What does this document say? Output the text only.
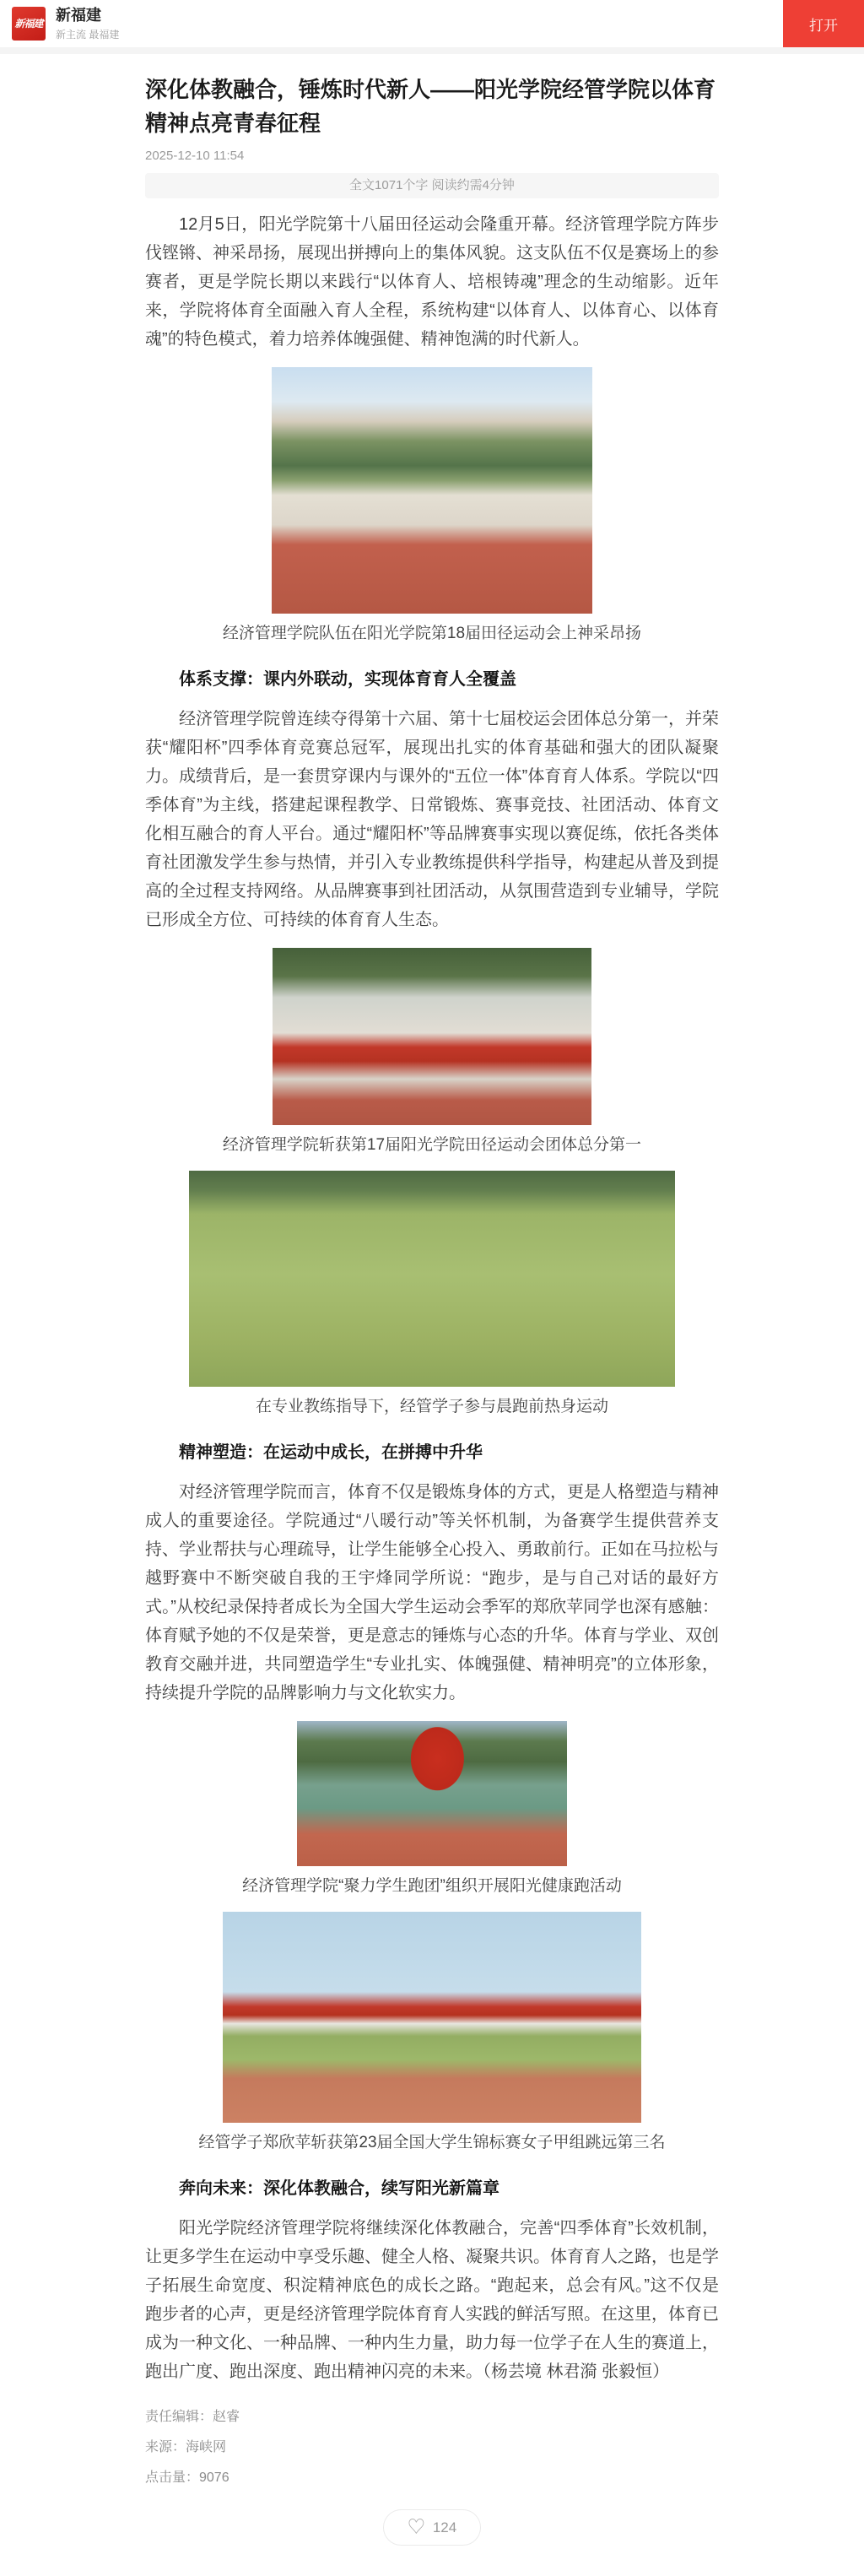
新福建 新福建
新主流 最福建
打开
深化体教融合，锤炼时代新人——阳光学院经管学院以体育精神点亮青春征程
2025-12-10 11:54
全文1071个字 阅读约需4分钟

12月5日，阳光学院第十八届田径运动会隆重开幕。经济管理学院方阵步伐铿锵、神采昂扬，展现出拼搏向上的集体风貌。这支队伍不仅是赛场上的参赛者，更是学院长期以来践行“以体育人、培根铸魂”理念的生动缩影。近年来，学院将体育全面融入育人全程，系统构建“以体育人、以体育心、以体育魂”的特色模式，着力培养体魄强健、精神饱满的时代新人。

经济管理学院队伍在阳光学院第18届田径运动会上神采昂扬
体系支撑：课内外联动，实现体育育人全覆盖

经济管理学院曾连续夺得第十六届、第十七届校运会团体总分第一，并荣获“耀阳杯”四季体育竞赛总冠军，展现出扎实的体育基础和强大的团队凝聚力。成绩背后，是一套贯穿课内与课外的“五位一体”体育育人体系。学院以“四季体育”为主线，搭建起课程教学、日常锻炼、赛事竞技、社团活动、体育文化相互融合的育人平台。通过“耀阳杯”等品牌赛事实现以赛促练，依托各类体育社团激发学生参与热情，并引入专业教练提供科学指导，构建起从普及到提高的全过程支持网络。从品牌赛事到社团活动，从氛围营造到专业辅导，学院已形成全方位、可持续的体育育人生态。

经济管理学院斩获第17届阳光学院田径运动会团体总分第一
在专业教练指导下，经管学子参与晨跑前热身运动
精神塑造：在运动中成长，在拼搏中升华

对经济管理学院而言，体育不仅是锻炼身体的方式，更是人格塑造与精神成人的重要途径。学院通过“八暖行动”等关怀机制，为备赛学生提供营养支持、学业帮扶与心理疏导，让学生能够全心投入、勇敢前行。正如在马拉松与越野赛中不断突破自我的王宇烽同学所说：“跑步，是与自己对话的最好方式。”从校纪录保持者成长为全国大学生运动会季军的郑欣苹同学也深有感触：体育赋予她的不仅是荣誉，更是意志的锤炼与心态的升华。体育与学业、双创教育交融并进，共同塑造学生“专业扎实、体魄强健、精神明亮”的立体形象，持续提升学院的品牌影响力与文化软实力。

经济管理学院“聚力学生跑团”组织开展阳光健康跑活动
经管学子郑欣苹斩获第23届全国大学生锦标赛女子甲组跳远第三名
奔向未来：深化体教融合，续写阳光新篇章

阳光学院经济管理学院将继续深化体教融合，完善“四季体育”长效机制，让更多学生在运动中享受乐趣、健全人格、凝聚共识。体育育人之路，也是学子拓展生命宽度、积淀精神底色的成长之路。“跑起来，总会有风。”这不仅是跑步者的心声，更是经济管理学院体育育人实践的鲜活写照。在这里，体育已成为一种文化、一种品牌、一种内生力量，助力每一位学子在人生的赛道上，跑出广度、跑出深度、跑出精神闪亮的未来。（杨芸境 林君漪 张毅恒）

责任编辑：赵睿
来源：海峡网
点击量：9076
♡ 124
